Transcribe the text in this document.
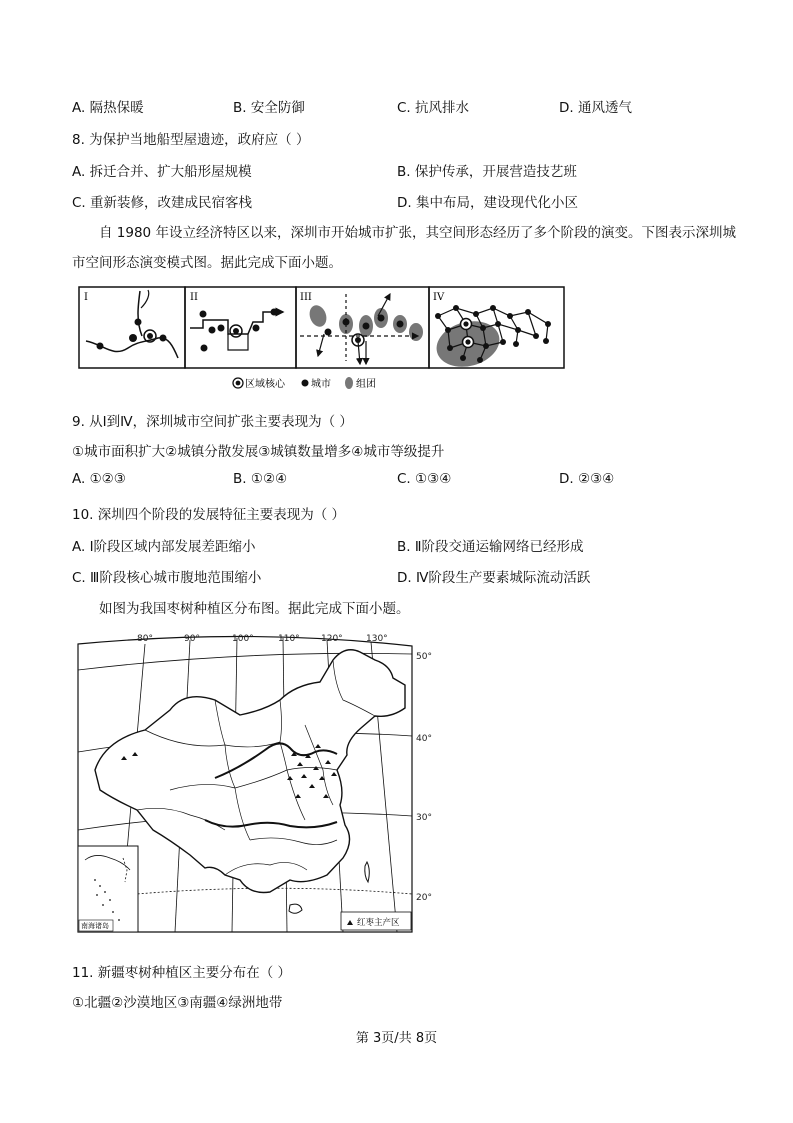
A. 隔热保暖	B. 安全防御	C. 抗风排水	D. 通风透气
8. 为保护当地船型屋遗迹，政府应（ ）
A. 拆迁合并、扩大船形屋规模	B. 保护传承，开展营造技艺班
C. 重新装修，改建成民宿客栈	D. 集中布局，建设现代化小区
自 1980 年设立经济特区以来，深圳市开始城市扩张，其空间形态经历了多个阶段的演变。下图表示深圳城市空间形态演变模式图。据此完成下面小题。
I	II	III	IV
区域核心	城市	组团
9. 从Ⅰ到Ⅳ，深圳城市空间扩张主要表现为（ ）
①城市面积扩大②城镇分散发展③城镇数量增多④城市等级提升
A. ①②③	B. ①②④	C. ①③④	D. ②③④
10. 深圳四个阶段的发展特征主要表现为（ ）
A. Ⅰ阶段区域内部发展差距缩小	B. Ⅱ阶段交通运输网络已经形成
C. Ⅲ阶段核心城市腹地范围缩小	D. Ⅳ阶段生产要素城际流动活跃
如图为我国枣树种植区分布图。据此完成下面小题。
80°	90°	100°	110° 120°	130°
50°
40°
30°
20°
南海诸岛	红枣主产区
11. 新疆枣树种植区主要分布在（ ）
①北疆②沙漠地区③南疆④绿洲地带
第 3页/共 8页
